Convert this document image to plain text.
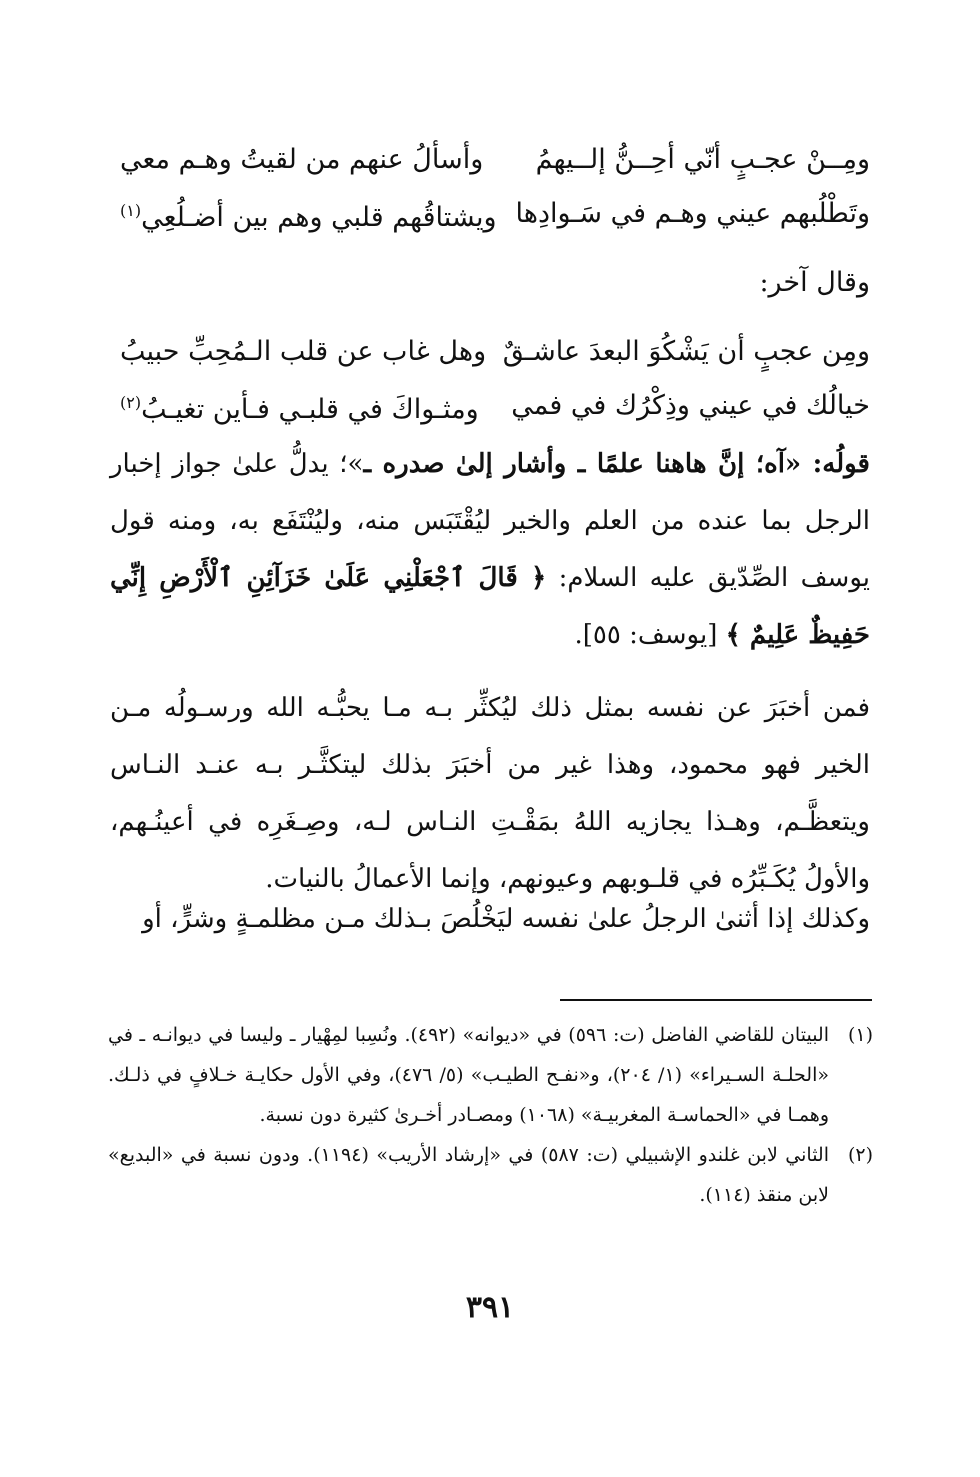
ومِــنْ عجـبٍ أنّي أحِــنُّ إلــيهمُ
وأسألُ عنهم من لقيتُ وهـم معي
وتَطْلُبهم عيني وهـم في سَـوادِها
ويشتاقُهم قلبي وهم بين أضـلُعِي$^{(١)}$
وقال آخر:
ومِن عجبٍ أن يَشْكُوَ البعدَ عاشـقٌ
وهل غاب عن قلب الـمُحِبِّ حبيبُ
خيالُك في عيني وذِكْرُك في فمي
ومثـواكَ في قلبـي فـأين تغيـبُ$^{(٢)}$

قولُه: «آه؛ إنَّ هاهنا علمًا ـ وأشار إلىٰ صدره ـ»؛ يدلُّ علىٰ جواز إخبار الرجل بما عنده من العلم والخير ليُقْتَبَس منه، وليُنْتَفَع به، ومنه قول يوسف الصِّدّيق عليه السلام: ﴿ قَالَ ٱجْعَلْنِي عَلَىٰ خَزَآئِنِ ٱلْأَرْضِ إِنِّي حَفِيظٌ عَلِيمٌ ﴾ [يوسف: ٥٥].

فمن أخبَرَ عن نفسه بمثل ذلك ليُكثِّر بـه مـا يحبُّـه الله ورسـولُه مـن الخير فهو محمود، وهذا غير من أخبَرَ بذلك ليتكثَّـر بـه عنـد النـاس ويتعظَّـم، وهـذا يجازيه اللهُ بمَقْـتِ النـاس لـه، وصِـغَرِه في أعينُـهم، والأولُ يُكَـبِّرُه في قلـوبهم وعيونهم، وإنما الأعمالُ بالنيات.

وكذلك إذا أثنىٰ الرجلُ علىٰ نفسه ليَخْلُصَ بـذلك مـن مظلمـةٍ وشرٍّ، أو

(١)
البيتان للقاضي الفاضل (ت: ٥٩٦) في «ديوانه» (٤٩٢). ونُسِبا لمِهْيار ـ وليسا في ديوانـه ـ في «الحلـة السـيراء» (١/ ٢٠٤)، و«نفـح الطيـب» (٥/ ٤٧٦)، وفي الأول حكايـة خـلافٍ في ذلـك. وهمـا في «الحماسـة المغربيـة» (١٠٦٨) ومصـادر أخـرىٰ كثيرة دون نسبة.
(٢)
الثاني لابن غلندو الإشبيلي (ت: ٥٨٧) في «إرشاد الأريب» (١١٩٤). ودون نسبة في «البديع» لابن منقذ (١١٤).
٣٩١
